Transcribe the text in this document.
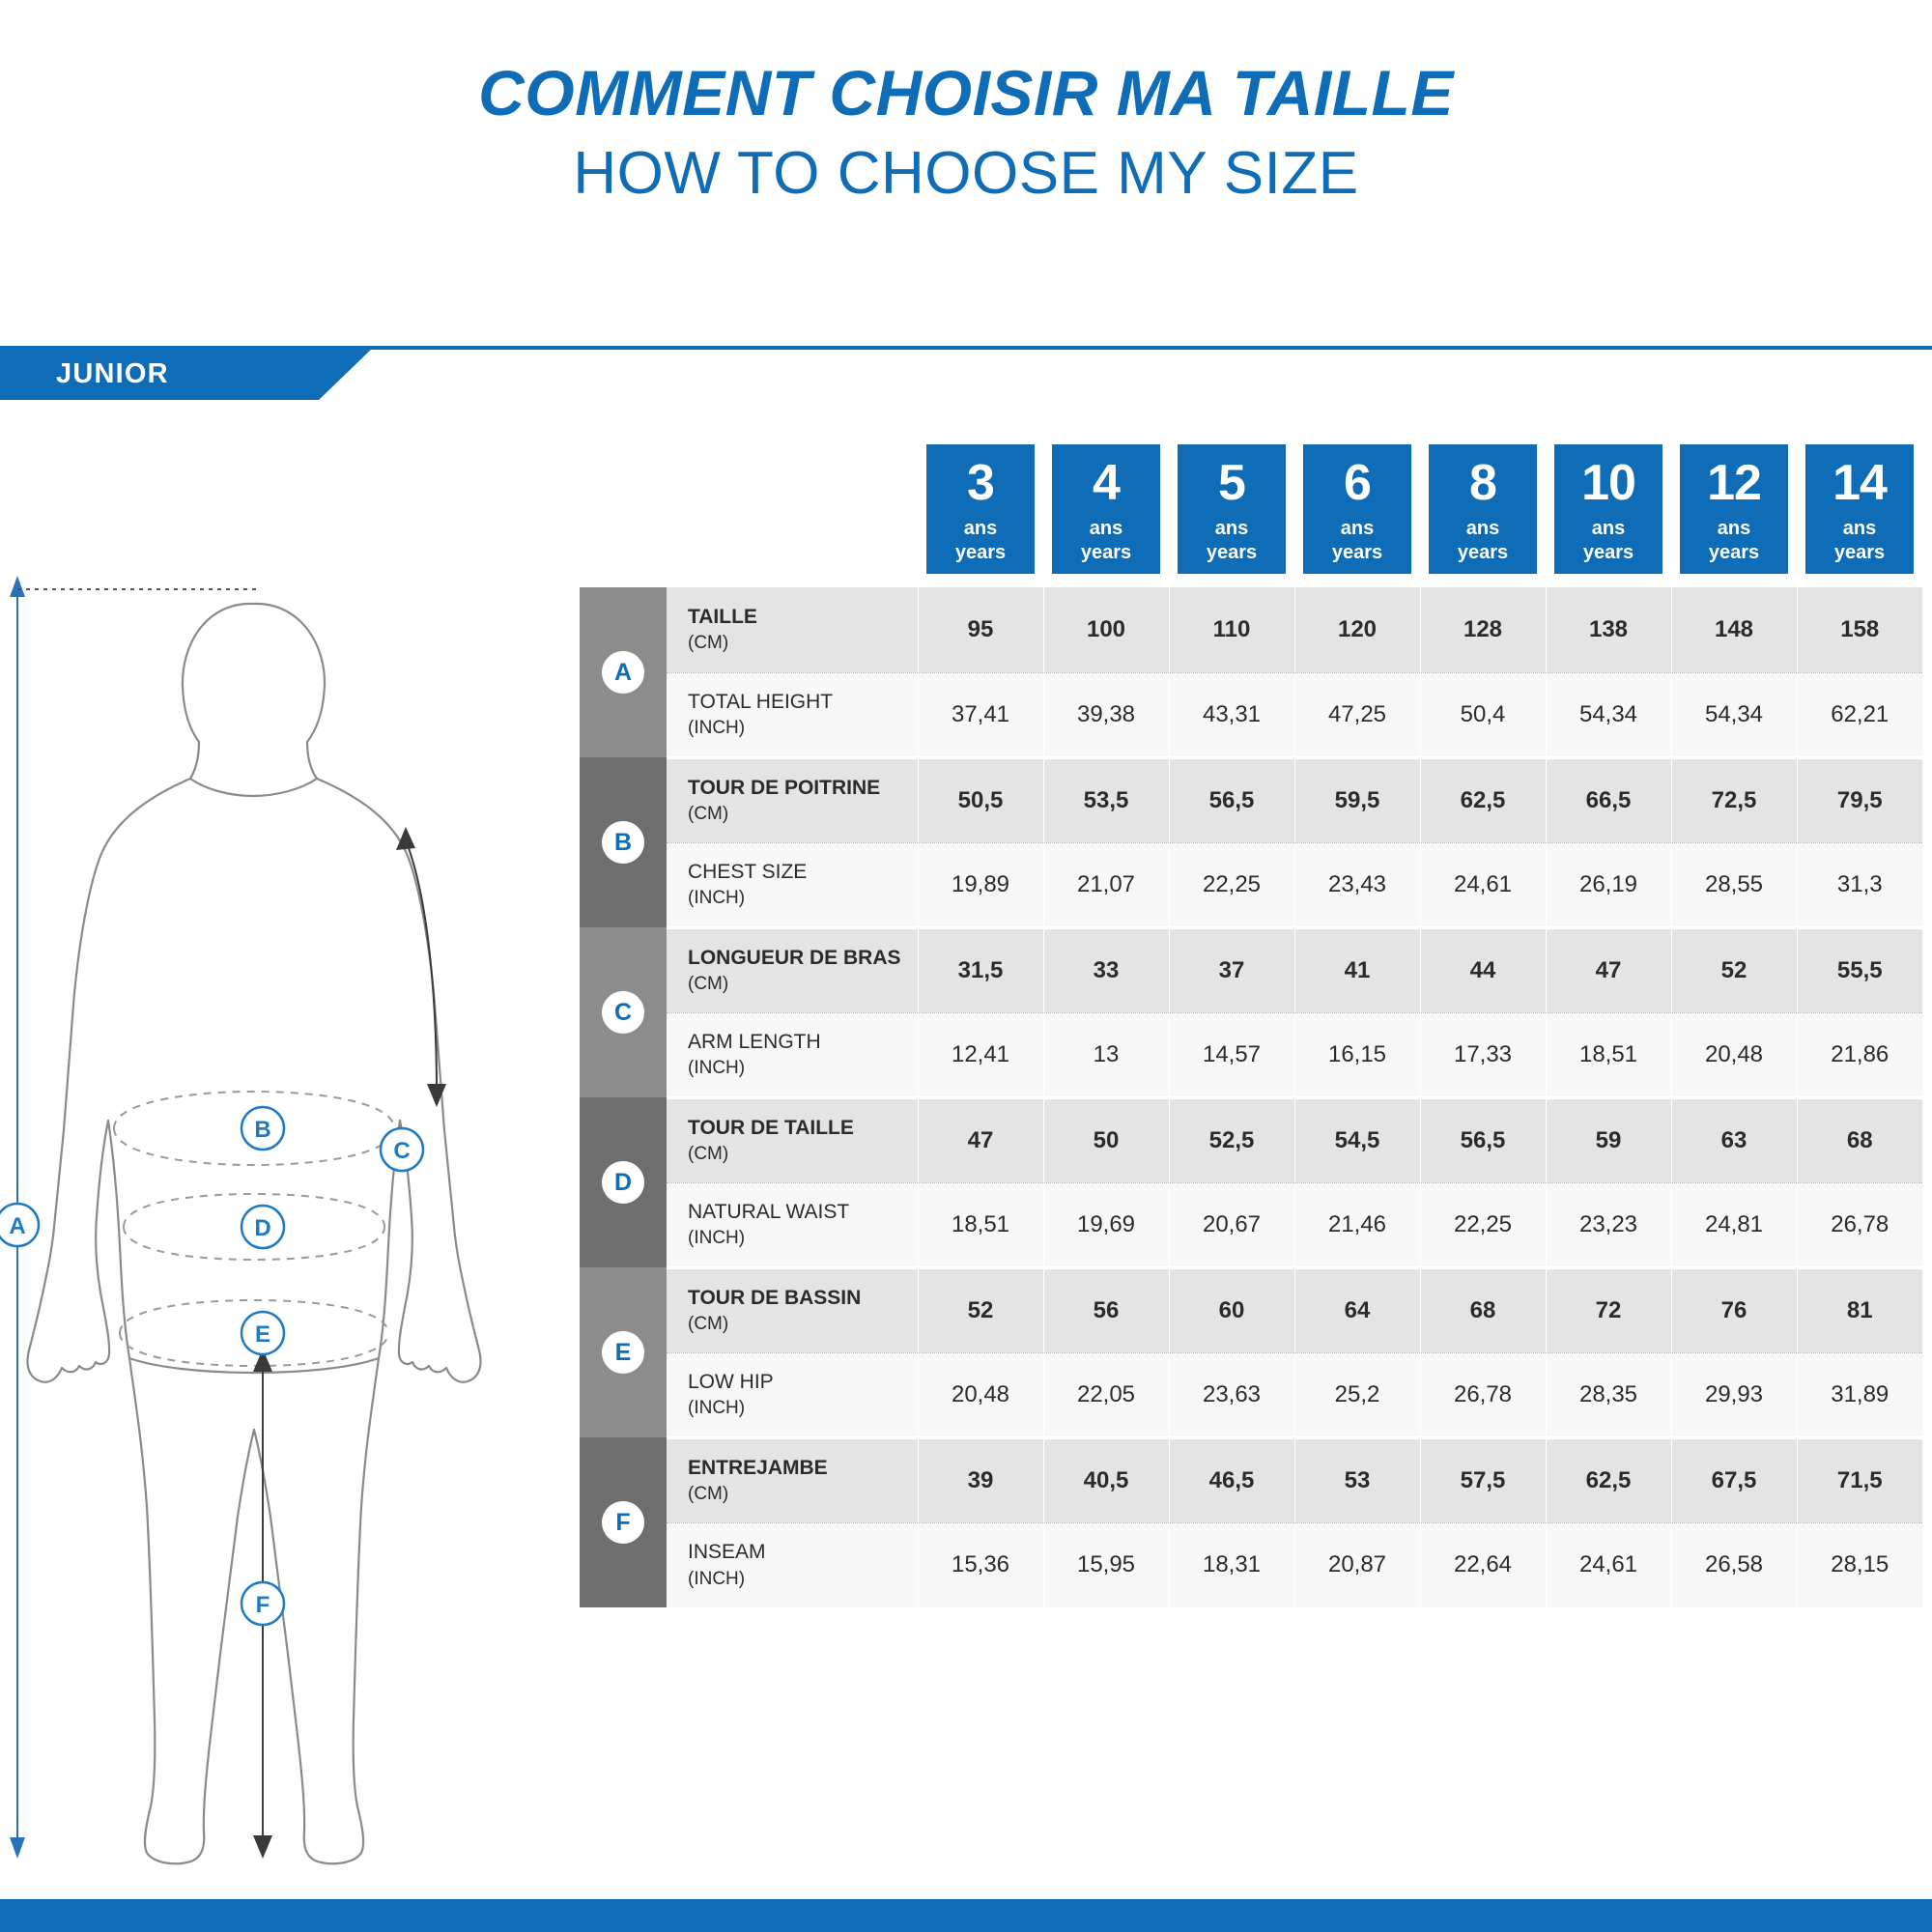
COMMENT CHOISIR MA TAILLE
HOW TO CHOOSE MY SIZE
JUNIOR
A
B
C
D
E
F

3
ans
years

4
ans
years

5
ans
years

6
ans
years

8
ans
years

10
ans
years

12
ans
years

14
ans
years

A	TAILLE
(CM)	95	100	110	120	128	138	148	158

	TOTAL HEIGHT
(INCH)	37,41	39,38	43,31	47,25	50,4	54,34	54,34	62,21
B	TOUR DE POITRINE
(CM)	50,5	53,5	56,5	59,5	62,5	66,5	72,5	79,5

	CHEST SIZE
(INCH)	19,89	21,07	22,25	23,43	24,61	26,19	28,55	31,3
C	LONGUEUR DE BRAS
(CM)	31,5	33	37	41	44	47	52	55,5

	ARM LENGTH
(INCH)	12,41	13	14,57	16,15	17,33	18,51	20,48	21,86
D	TOUR DE TAILLE
(CM)	47	50	52,5	54,5	56,5	59	63	68

	NATURAL WAIST
(INCH)	18,51	19,69	20,67	21,46	22,25	23,23	24,81	26,78
E	TOUR DE BASSIN
(CM)	52	56	60	64	68	72	76	81

	LOW HIP
(INCH)	20,48	22,05	23,63	25,2	26,78	28,35	29,93	31,89
F	ENTREJAMBE
(CM)	39	40,5	46,5	53	57,5	62,5	67,5	71,5

	INSEAM
(INCH)	15,36	15,95	18,31	20,87	22,64	24,61	26,58	28,15
